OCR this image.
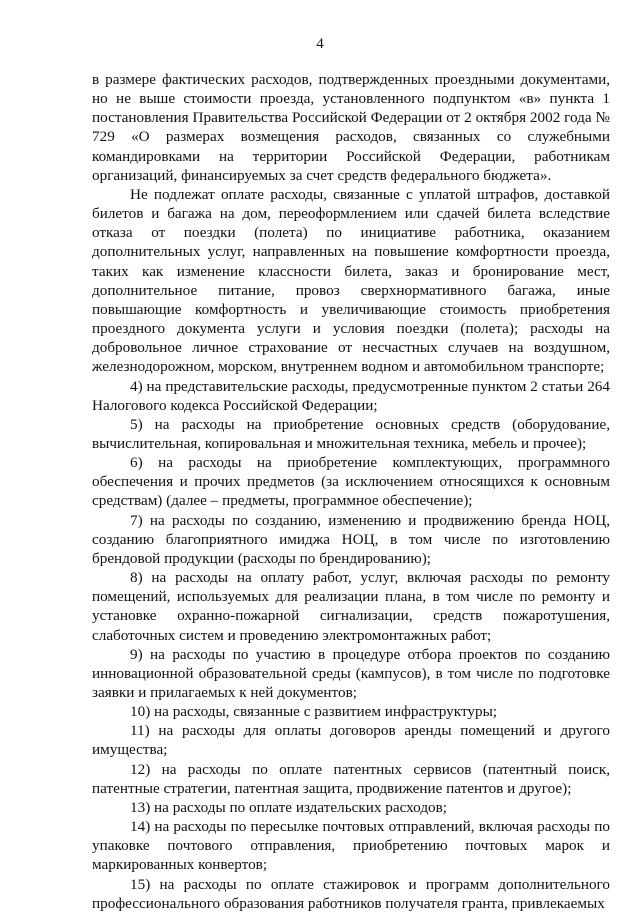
4

в размере фактических расходов, подтвержденных проездными документами, но не выше стоимости проезда, установленного подпунктом «в» пункта 1 постановления Правительства Российской Федерации от 2 октября 2002 года № 729 «О размерах возмещения расходов, связанных со служебными командировками на территории Российской Федерации, работникам организаций, финансируемых за счет средств федерального бюджета».

Не подлежат оплате расходы, связанные с уплатой штрафов, доставкой билетов и багажа на дом, переоформлением или сдачей билета вследствие отказа от поездки (полета) по инициативе работника, оказанием дополнительных услуг, направленных на повышение комфортности проезда, таких как изменение классности билета, заказ и бронирование мест, дополнительное питание, провоз сверхнормативного багажа, иные повышающие комфортность и увеличивающие стоимость приобретения проездного документа услуги и условия поездки (полета); расходы на добровольное личное страхование от несчастных случаев на воздушном, железнодорожном, морском, внутреннем водном и автомобильном транспорте;

4) на представительские расходы, предусмотренные пунктом 2 статьи 264 Налогового кодекса Российской Федерации;

5) на расходы на приобретение основных средств (оборудование, вычислительная, копировальная и множительная техника, мебель и прочее);

6) на расходы на приобретение комплектующих, программного обеспечения и прочих предметов (за исключением относящихся к основным средствам) (далее – предметы, программное обеспечение);

7) на расходы по созданию, изменению и продвижению бренда НОЦ, созданию благоприятного имиджа НОЦ, в том числе по изготовлению брендовой продукции (расходы по брендированию);

8) на расходы на оплату работ, услуг, включая расходы по ремонту помещений, используемых для реализации плана, в том числе по ремонту и установке охранно-пожарной сигнализации, средств пожаротушения, слаботочных систем и проведению электромонтажных работ;

9) на расходы по участию в процедуре отбора проектов по созданию инновационной образовательной среды (кампусов), в том числе по подготовке заявки и прилагаемых к ней документов;

10) на расходы, связанные с развитием инфраструктуры;

11) на расходы для оплаты договоров аренды помещений и другого имущества;

12) на расходы по оплате патентных сервисов (патентный поиск, патентные стратегии, патентная защита, продвижение патентов и другое);

13) на расходы по оплате издательских расходов;

14) на расходы по пересылке почтовых отправлений, включая расходы по упаковке почтового отправления, приобретению почтовых марок и маркированных конвертов;

15) на расходы по оплате стажировок и программ дополнительного профессионального образования работников получателя гранта, привлекаемых
